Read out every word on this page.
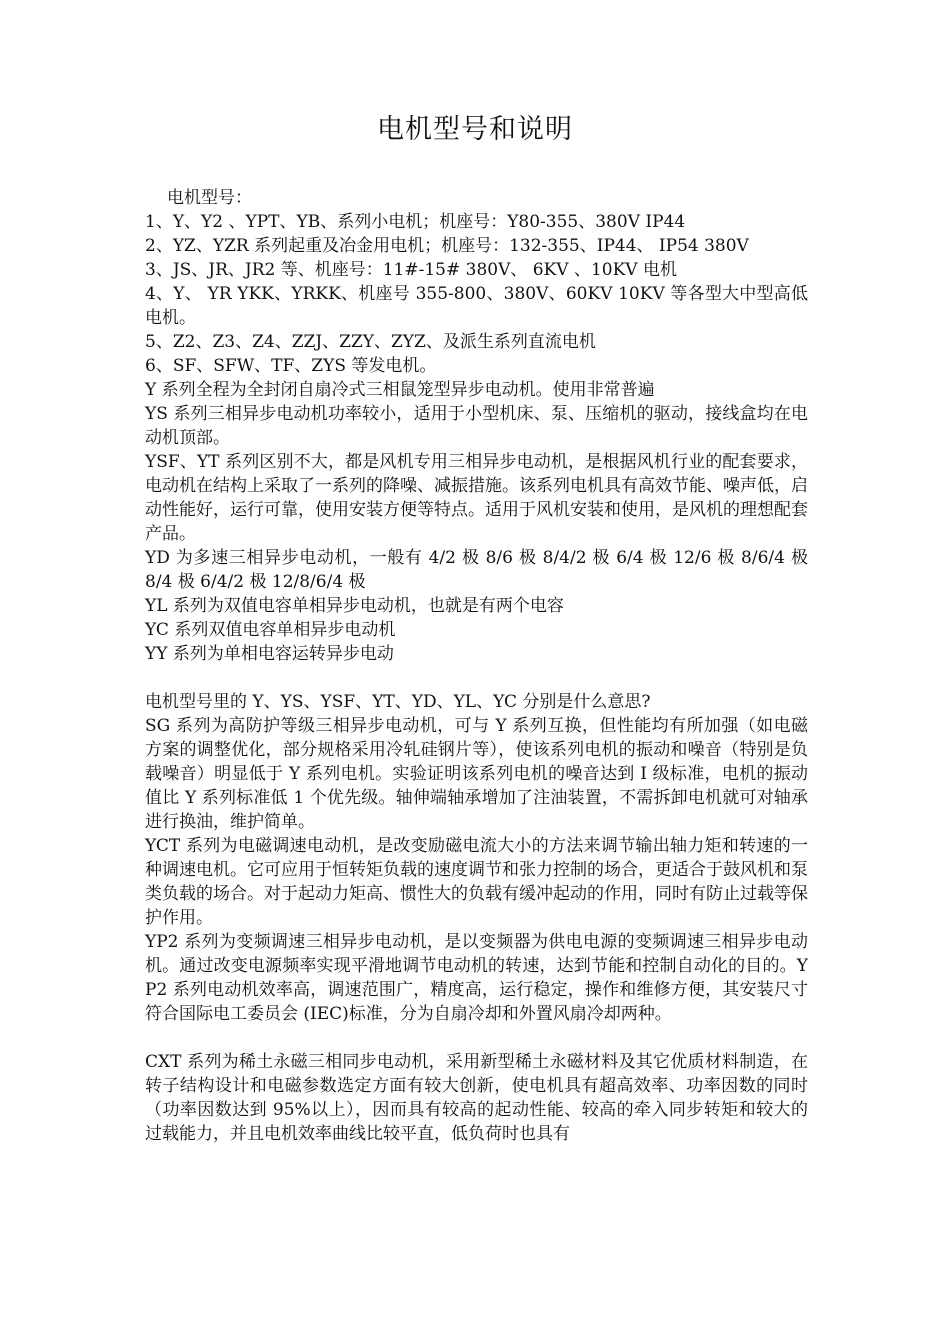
电机型号和说明

电机型号：

1、Y、Y2 、YPT、YB、系列小电机；机座号：Y80-355、380V IP44

2、YZ、YZR 系列起重及冶金用电机；机座号：132-355、IP44、 IP54 380V

3、JS、JR、JR2 等、机座号：11#-15# 380V、 6KV 、10KV 电机

4、Y、 YR YKK、YRKK、机座号 355-800、380V、60KV 10KV 等各型大中型高低电机。

5、Z2、Z3、Z4、ZZJ、ZZY、ZYZ、及派生系列直流电机

6、SF、SFW、TF、ZYS 等发电机。

Y 系列全程为全封闭自扇冷式三相鼠笼型异步电动机。使用非常普遍

YS 系列三相异步电动机功率较小，适用于小型机床、泵、压缩机的驱动，接线盒均在电动机顶部。

YSF、YT 系列区别不大，都是风机专用三相异步电动机，是根据风机行业的配套要求，电动机在结构上采取了一系列的降噪、减振措施。该系列电机具有高效节能、噪声低，启动性能好，运行可靠，使用安装方便等特点。适用于风机安装和使用，是风机的理想配套产品。

YD 为多速三相异步电动机，一般有 4/2 极 8/6 极 8/4/2 极 6/4 极 12/6 极 8/6/4 极 8/4 极 6/4/2 极 12/8/6/4 极

YL 系列为双值电容单相异步电动机，也就是有两个电容

YC 系列双值电容单相异步电动机

YY 系列为单相电容运转异步电动

电机型号里的 Y、YS、YSF、YT、YD、YL、YC 分别是什么意思?

SG 系列为高防护等级三相异步电动机，可与 Y 系列互换，但性能均有所加强（如电磁方案的调整优化，部分规格采用冷轧硅钢片等），使该系列电机的振动和噪音（特别是负载噪音）明显低于 Y 系列电机。实验证明该系列电机的噪音达到 I 级标准，电机的振动值比 Y 系列标准低 1 个优先级。轴伸端轴承增加了注油装置，不需拆卸电机就可对轴承进行换油，维护简单。

YCT 系列为电磁调速电动机，是改变励磁电流大小的方法来调节输出轴力矩和转速的一种调速电机。它可应用于恒转矩负载的速度调节和张力控制的场合，更适合于鼓风机和泵类负载的场合。对于起动力矩高、惯性大的负载有缓冲起动的作用，同时有防止过载等保护作用。

YP2 系列为变频调速三相异步电动机，是以变频器为供电电源的变频调速三相异步电动机。通过改变电源频率实现平滑地调节电动机的转速，达到节能和控制自动化的目的。YP2 系列电动机效率高，调速范围广，精度高，运行稳定，操作和维修方便，其安装尺寸符合国际电工委员会 (IEC)标准，分为自扇冷却和外置风扇冷却两种。

CXT 系列为稀土永磁三相同步电动机，采用新型稀土永磁材料及其它优质材料制造，在转子结构设计和电磁参数选定方面有较大创新，使电机具有超高效率、功率因数的同时（功率因数达到 95%以上），因而具有较高的起动性能、较高的牵入同步转矩和较大的过载能力，并且电机效率曲线比较平直，低负荷时也具有
